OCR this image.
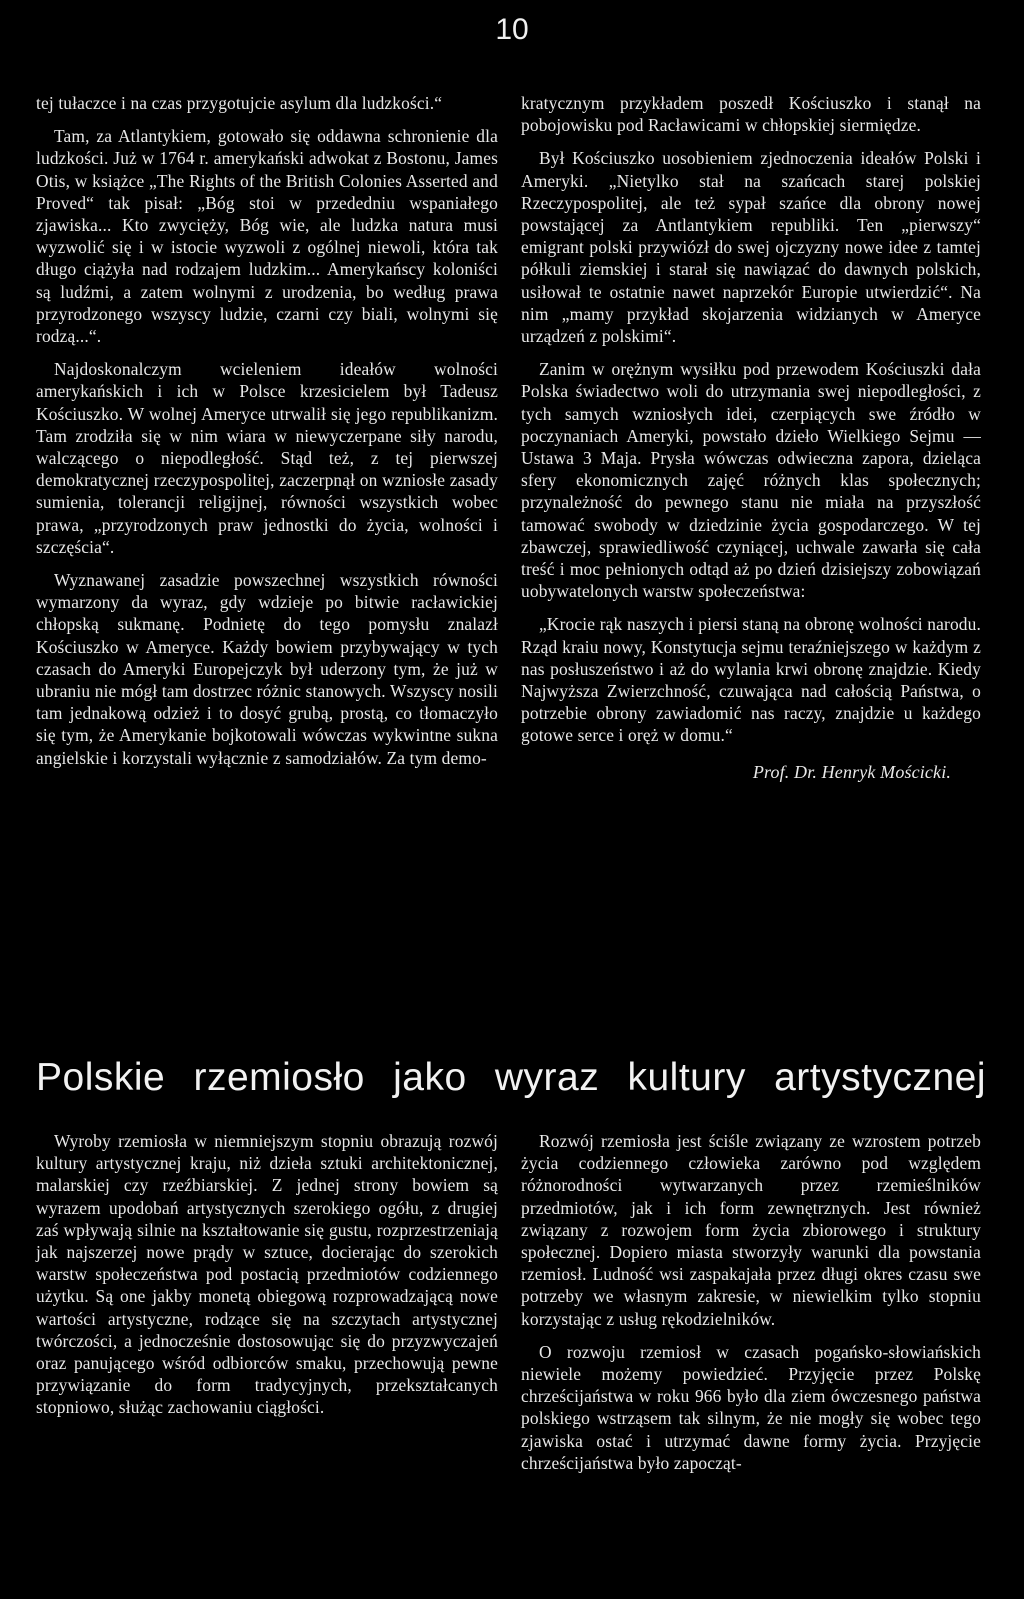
10

tej tułaczce i na czas przygotujcie asylum dla ludzkości.“

Tam, za Atlantykiem, gotowało się oddawna schronienie dla ludzkości. Już w 1764 r. amerykański adwokat z Bostonu, James Otis, w książce „The Rights of the British Colonies Asserted and Proved“ tak pisał: „Bóg stoi w przededniu wspaniałego zjawiska... Kto zwycięży, Bóg wie, ale ludzka natura musi wyzwolić się i w istocie wyzwoli z ogólnej niewoli, która tak długo ciążyła nad rodzajem ludzkim... Amerykańscy koloniści są ludźmi, a zatem wolnymi z urodzenia, bo według prawa przyrodzonego wszyscy ludzie, czarni czy biali, wolnymi się rodzą...“.

Najdoskonalczym wcieleniem ideałów wolności amerykańskich i ich w Polsce krzesicielem był Tadeusz Kościuszko. W wolnej Ameryce utrwalił się jego republikanizm. Tam zrodziła się w nim wiara w niewyczerpane siły narodu, walczącego o niepodległość. Stąd też, z tej pierwszej demokratycznej rzeczypospolitej, zaczerpnął on wzniosłe zasady sumienia, tolerancji religijnej, równości wszystkich wobec prawa, „przyrodzonych praw jednostki do życia, wolności i szczęścia“.

Wyznawanej zasadzie powszechnej wszystkich równości wymarzony da wyraz, gdy wdzieje po bitwie racławickiej chłopską sukmanę. Podnietę do tego pomysłu znalazł Kościuszko w Ameryce. Każdy bowiem przybywający w tych czasach do Ameryki Europejczyk był uderzony tym, że już w ubraniu nie mógł tam dostrzec różnic stanowych. Wszyscy nosili tam jednakową odzież i to dosyć grubą, prostą, co tłomaczyło się tym, że Amerykanie bojkotowali wówczas wykwintne sukna angielskie i korzystali wyłącznie z samodziałów. Za tym demo-

kratycznym przykładem poszedł Kościuszko i stanął na pobojowisku pod Racławicami w chłopskiej siermiędze.

Był Kościuszko uosobieniem zjednoczenia ideałów Polski i Ameryki. „Nietylko stał na szańcach starej polskiej Rzeczypospolitej, ale też sypał szańce dla obrony nowej powstającej za Antlantykiem republiki. Ten „pierwszy“ emigrant polski przywiózł do swej ojczyzny nowe idee z tamtej półkuli ziemskiej i starał się nawiązać do dawnych polskich, usiłował te ostatnie nawet naprzekór Europie utwierdzić“. Na nim „mamy przykład skojarzenia widzianych w Ameryce urządzeń z polskimi“.

Zanim w orężnym wysiłku pod przewodem Kościuszki dała Polska świadectwo woli do utrzymania swej niepodległości, z tych samych wzniosłych idei, czerpiących swe źródło w poczynaniach Ameryki, powstało dzieło Wielkiego Sejmu — Ustawa 3 Maja. Prysła wówczas odwieczna zapora, dzieląca sfery ekonomicznych zajęć różnych klas społecznych; przynależność do pewnego stanu nie miała na przyszłość tamować swobody w dziedzinie życia gospodarczego. W tej zbawczej, sprawiedliwość czyniącej, uchwale zawarła się cała treść i moc pełnionych odtąd aż po dzień dzisiejszy zobowiązań uobywatelonych warstw społeczeństwa:

„Krocie rąk naszych i piersi staną na obronę wolności narodu. Rząd kraiu nowy, Konstytucja sejmu teraźniejszego w każdym z nas posłuszeństwo i aż do wylania krwi obronę znajdzie. Kiedy Najwyższa Zwierzchność, czuwająca nad całością Państwa, o potrzebie obrony zawiadomić nas raczy, znajdzie u każdego gotowe serce i oręż w domu.“

Prof. Dr. Henryk Mościcki.

Polskie rzemiosło jako wyraz kultury artystycznej

Wyroby rzemiosła w niemniejszym stopniu obrazują rozwój kultury artystycznej kraju, niż dzieła sztuki architektonicznej, malarskiej czy rzeźbiarskiej. Z jednej strony bowiem są wyrazem upodobań artystycznych szerokiego ogółu, z drugiej zaś wpływają silnie na kształtowanie się gustu, rozprzestrzeniają jak najszerzej nowe prądy w sztuce, docierając do szerokich warstw społeczeństwa pod postacią przedmiotów codziennego użytku. Są one jakby monetą obiegową rozprowadzającą nowe wartości artystyczne, rodzące się na szczytach artystycznej twórczości, a jednocześnie dostosowując się do przyzwyczajeń oraz panującego wśród odbiorców smaku, przechowują pewne przywiązanie do form tradycyjnych, przekształcanych stopniowo, służąc zachowaniu ciągłości.

Rozwój rzemiosła jest ściśle związany ze wzrostem potrzeb życia codziennego człowieka zarówno pod względem różnorodności wytwarzanych przez rzemieślników przedmiotów, jak i ich form zewnętrznych. Jest również związany z rozwojem form życia zbiorowego i struktury społecznej. Dopiero miasta stworzyły warunki dla powstania rzemiosł. Ludność wsi zaspakajała przez długi okres czasu swe potrzeby we własnym zakresie, w niewielkim tylko stopniu korzystając z usług rękodzielników.

O rozwoju rzemiosł w czasach pogańsko-słowiańskich niewiele możemy powiedzieć. Przyjęcie przez Polskę chrześcijaństwa w roku 966 było dla ziem ówczesnego państwa polskiego wstrząsem tak silnym, że nie mogły się wobec tego zjawiska ostać i utrzymać dawne formy życia. Przyjęcie chrześcijaństwa było zapocząt-
